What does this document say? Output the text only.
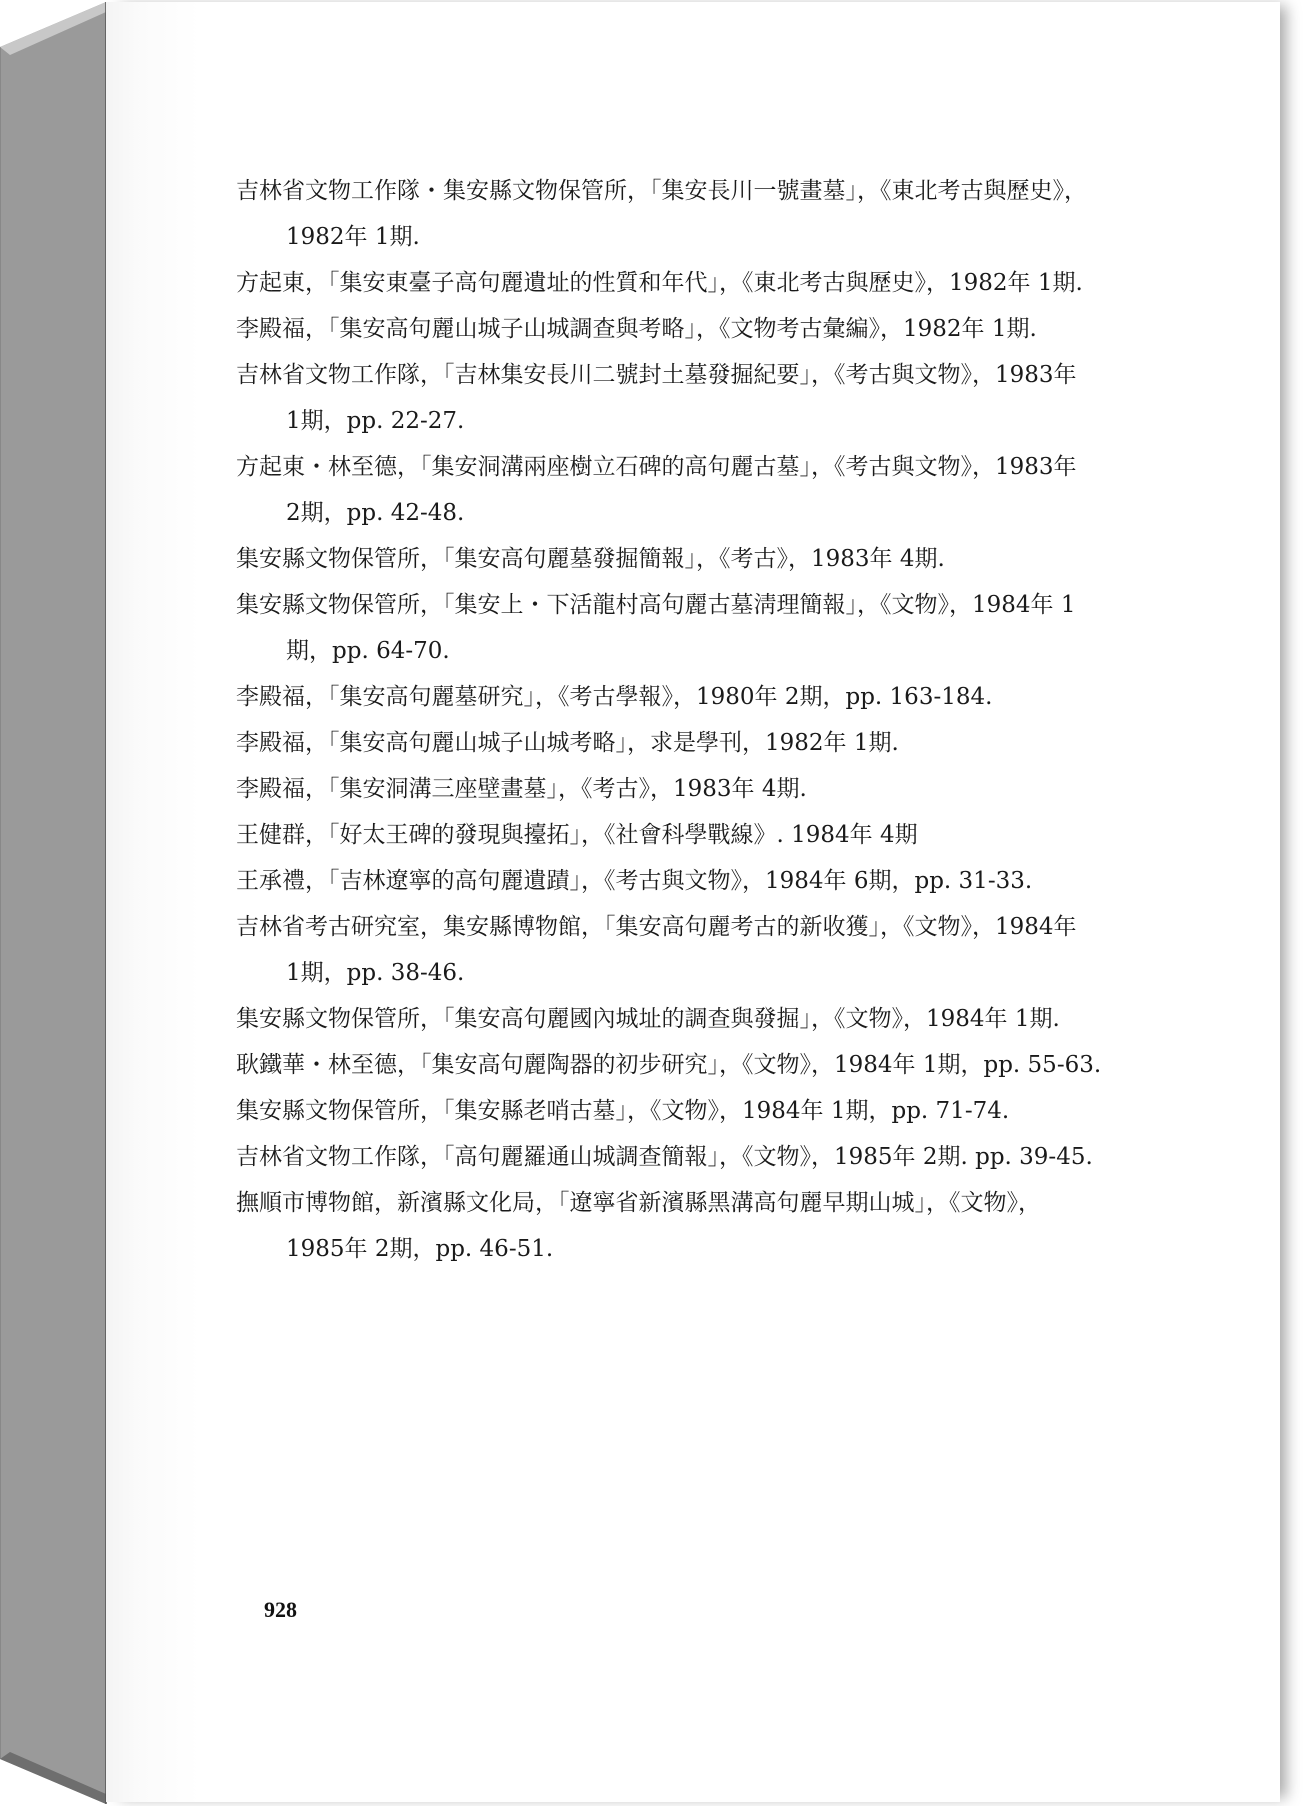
吉林省文物工作隊・集安縣文物保管所，「集安長川一號畫墓」，《東北考古與歷史》，
1982年 1期.
方起東，「集安東臺子高句麗遺址的性質和年代」，《東北考古與歷史》，1982年 1期.
李殿福，「集安高句麗山城子山城調查與考略」，《文物考古彙編》，1982年 1期.
吉林省文物工作隊，「吉林集安長川二號封土墓發掘紀要」，《考古與文物》，1983年
1期，pp. 22-27.
方起東・林至德，「集安洞溝兩座樹立石碑的高句麗古墓」，《考古與文物》，1983年
2期，pp. 42-48.
集安縣文物保管所，「集安高句麗墓發掘簡報」，《考古》，1983年 4期.
集安縣文物保管所，「集安上・下活龍村高句麗古墓淸理簡報」，《文物》，1984年 1
期，pp. 64-70.
李殿福，「集安高句麗墓研究」，《考古學報》，1980年 2期，pp. 163-184.
李殿福，「集安高句麗山城子山城考略」，求是學刊，1982年 1期.
李殿福，「集安洞溝三座壁畫墓」，《考古》，1983年 4期.
王健群，「好太王碑的發現與擡拓」，《社會科學戰線》. 1984年 4期
王承禮，「吉林遼寧的高句麗遺蹟」，《考古與文物》，1984年 6期，pp. 31-33.
吉林省考古研究室，集安縣博物館，「集安高句麗考古的新收獲」，《文物》，1984年
1期，pp. 38-46.
集安縣文物保管所，「集安高句麗國內城址的調查與發掘」，《文物》，1984年 1期.
耿鐵華・林至德，「集安高句麗陶器的初步研究」，《文物》，1984年 1期，pp. 55-63.
集安縣文物保管所，「集安縣老哨古墓」，《文物》，1984年 1期，pp. 71-74.
吉林省文物工作隊，「高句麗羅通山城調查簡報」，《文物》，1985年 2期. pp. 39-45.
撫順市博物館，新濱縣文化局，「遼寧省新濱縣黑溝高句麗早期山城」，《文物》，
1985年 2期，pp. 46-51.
928
